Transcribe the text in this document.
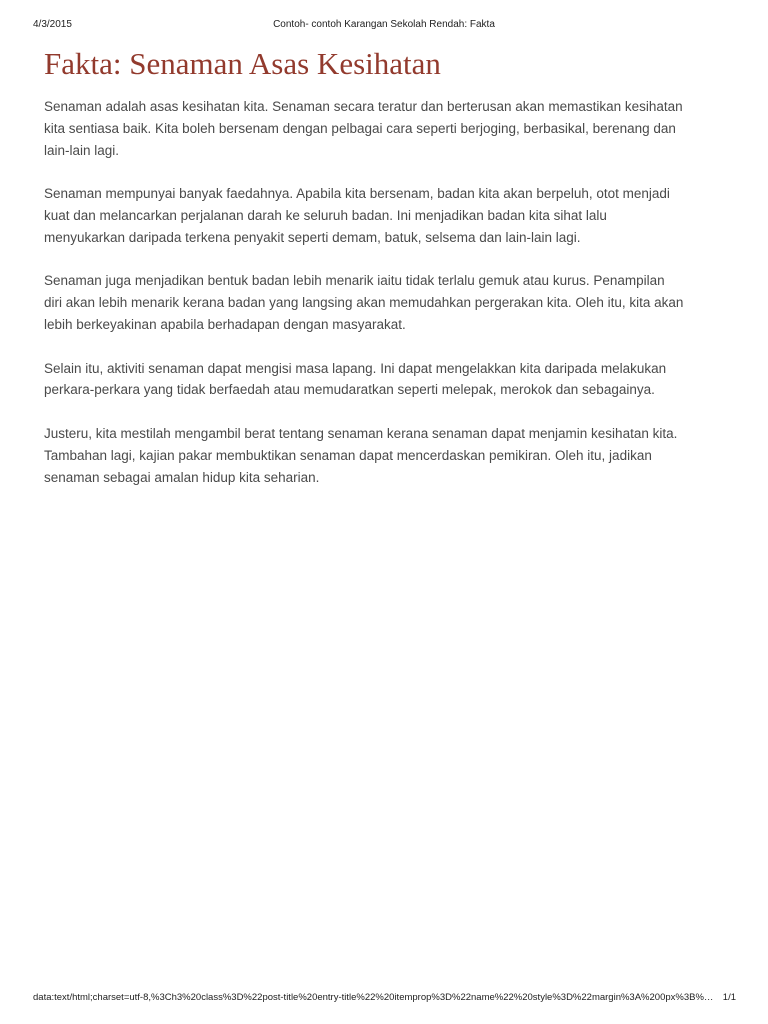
4/3/2015	Contoh- contoh Karangan Sekolah Rendah: Fakta
Fakta: Senaman Asas Kesihatan

Senaman adalah asas kesihatan kita. Senaman secara teratur dan berterusan akan memastikan kesihatan kita sentiasa baik. Kita boleh bersenam dengan pelbagai cara seperti berjoging, berbasikal, berenang dan lain-lain lagi.

Senaman mempunyai banyak faedahnya. Apabila kita bersenam, badan kita akan berpeluh, otot menjadi kuat dan melancarkan perjalanan darah ke seluruh badan. Ini menjadikan badan kita sihat lalu menyukarkan daripada terkena penyakit seperti demam, batuk, selsema dan lain-lain lagi.

Senaman juga menjadikan bentuk badan lebih menarik iaitu tidak terlalu gemuk atau kurus. Penampilan diri akan lebih menarik kerana badan yang langsing akan memudahkan pergerakan kita. Oleh itu, kita akan lebih berkeyakinan apabila berhadapan dengan masyarakat.

Selain itu, aktiviti senaman dapat mengisi masa lapang. Ini dapat mengelakkan kita daripada melakukan perkara-perkara yang tidak berfaedah atau memudaratkan seperti melepak, merokok dan sebagainya.

Justeru, kita mestilah mengambil berat tentang senaman kerana senaman dapat menjamin kesihatan kita. Tambahan lagi, kajian pakar membuktikan senaman dapat mencerdaskan pemikiran. Oleh itu, jadikan senaman sebagai amalan hidup kita seharian.

data:text/html;charset=utf-8,%3Ch3%20class%3D%22post-title%20entry-title%22%20itemprop%3D%22name%22%20style%3D%22margin%3A%200px%3B%… 1/1
